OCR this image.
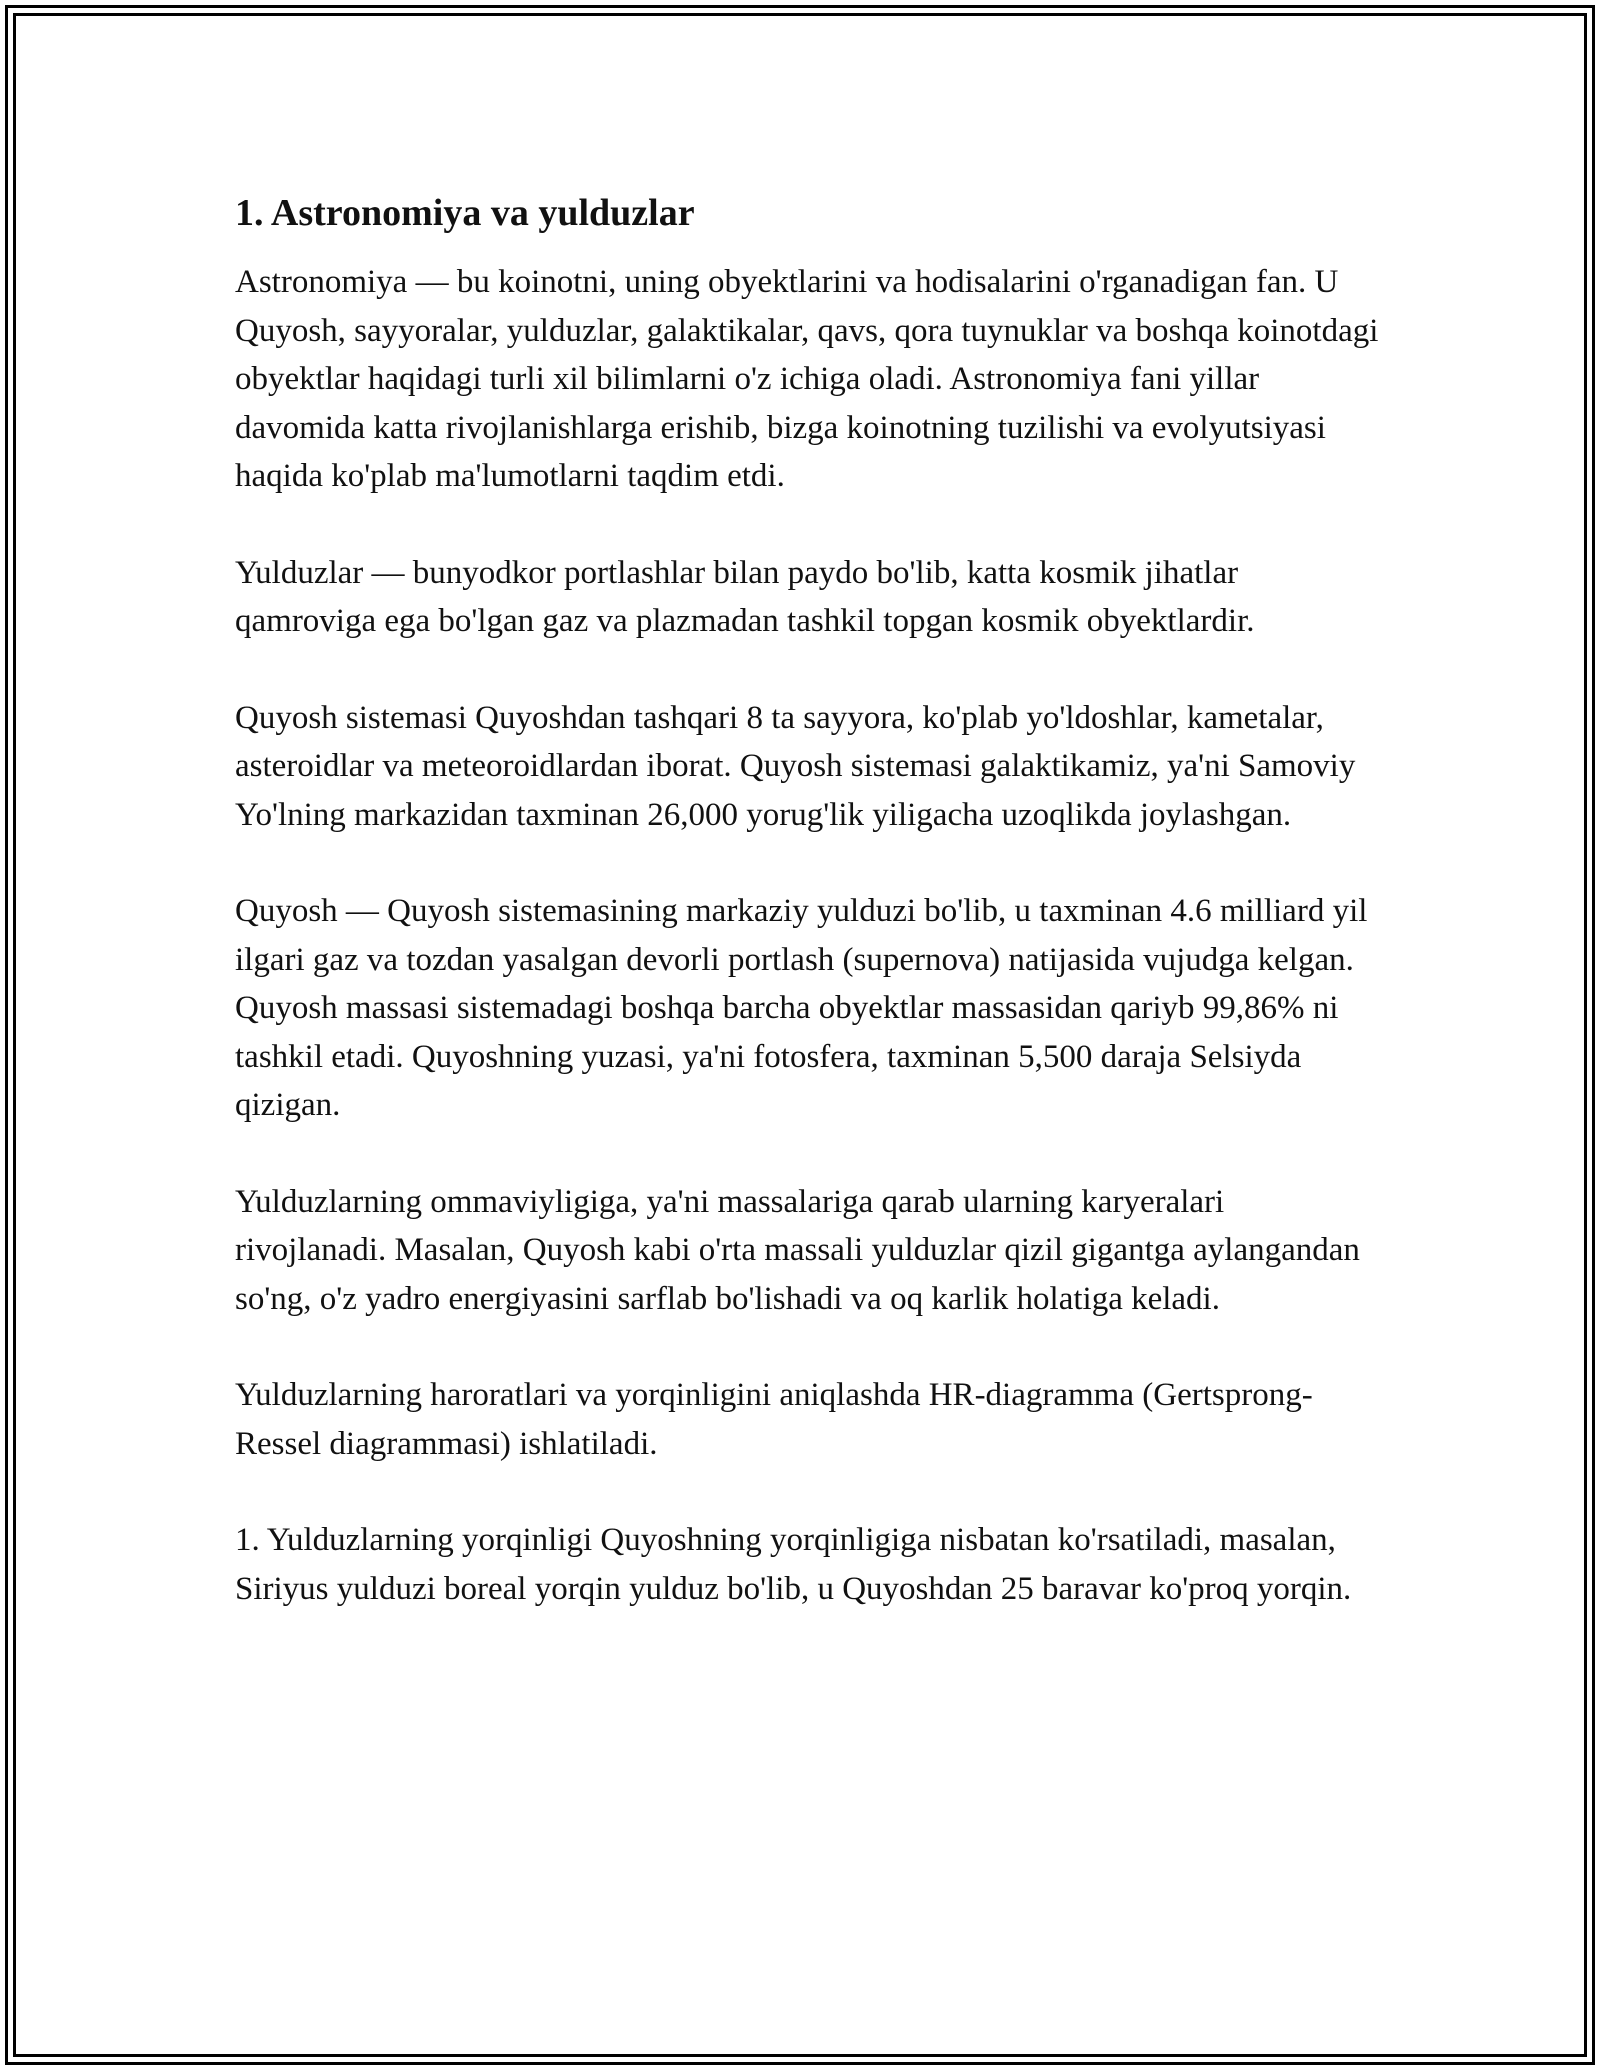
1. Astronomiya va yulduzlar

Astronomiya — bu koinotni, uning obyektlarini va hodisalarini o'rganadigan fan. U Quyosh, sayyoralar, yulduzlar, galaktikalar, qavs, qora tuynuklar va boshqa koinotdagi obyektlar haqidagi turli xil bilimlarni o'z ichiga oladi. Astronomiya fani yillar davomida katta rivojlanishlarga erishib, bizga koinotning tuzilishi va evolyutsiyasi haqida ko'plab ma'lumotlarni taqdim etdi.

Yulduzlar — bunyodkor portlashlar bilan paydo bo'lib, katta kosmik jihatlar qamroviga ega bo'lgan gaz va plazmadan tashkil topgan kosmik obyektlardir.

Quyosh sistemasi Quyoshdan tashqari 8 ta sayyora, ko'plab yo'ldoshlar, kametalar, asteroidlar va meteoroidlardan iborat. Quyosh sistemasi galaktikamiz, ya'ni Samoviy Yo'lning markazidan taxminan 26,000 yorug'lik yiligacha uzoqlikda joylashgan.

Quyosh — Quyosh sistemasining markaziy yulduzi bo'lib, u taxminan 4.6 milliard yil ilgari gaz va tozdan yasalgan devorli portlash (supernova) natijasida vujudga kelgan. Quyosh massasi sistemadagi boshqa barcha obyektlar massasidan qariyb 99,86% ni tashkil etadi. Quyoshning yuzasi, ya'ni fotosfera, taxminan 5,500 daraja Selsiyda qizigan.

Yulduzlarning ommaviyligiga, ya'ni massalariga qarab ularning karyeralari rivojlanadi. Masalan, Quyosh kabi o'rta massali yulduzlar qizil gigantga aylangandan so'ng, o'z yadro energiyasini sarflab bo'lishadi va oq karlik holatiga keladi.

Yulduzlarning haroratlari va yorqinligini aniqlashda HR-diagramma (Gertsprong-Ressel diagrammasi) ishlatiladi.

1. Yulduzlarning yorqinligi Quyoshning yorqinligiga nisbatan ko'rsatiladi, masalan, Siriyus yulduzi boreal yorqin yulduz bo'lib, u Quyoshdan 25 baravar ko'proq yorqin.
